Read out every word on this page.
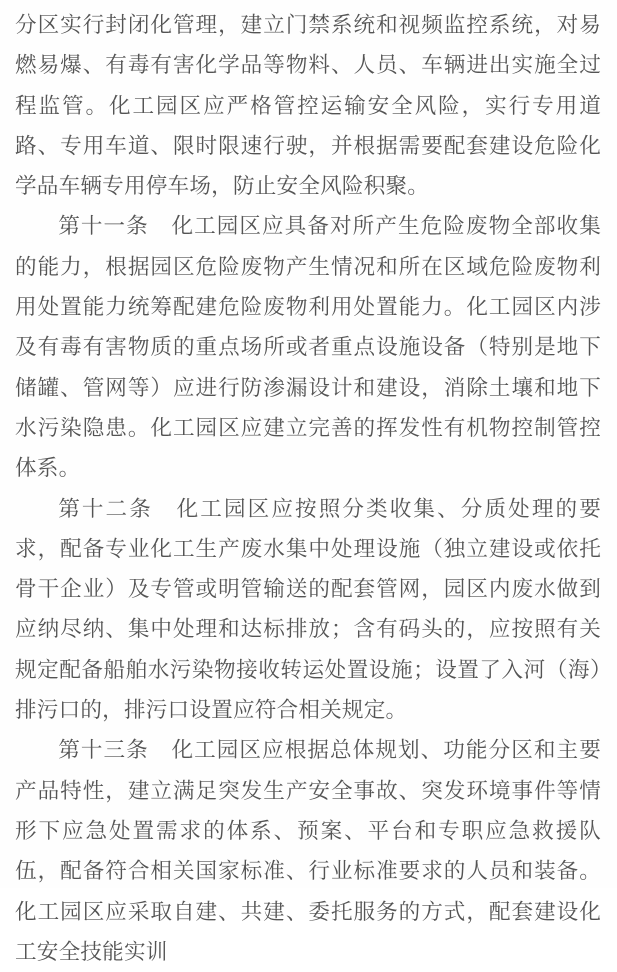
分区实行封闭化管理，建立门禁系统和视频监控系统，对易燃易爆、有毒有害化学品等物料、人员、车辆进出实施全过程监管。化工园区应严格管控运输安全风险，实行专用道路、专用车道、限时限速行驶，并根据需要配套建设危险化学品车辆专用停车场，防止安全风险积聚。

第十一条　化工园区应具备对所产生危险废物全部收集的能力，根据园区危险废物产生情况和所在区域危险废物利用处置能力统筹配建危险废物利用处置能力。化工园区内涉及有毒有害物质的重点场所或者重点设施设备（特别是地下储罐、管网等）应进行防渗漏设计和建设，消除土壤和地下水污染隐患。化工园区应建立完善的挥发性有机物控制管控体系。

第十二条　化工园区应按照分类收集、分质处理的要求，配备专业化工生产废水集中处理设施（独立建设或依托骨干企业）及专管或明管输送的配套管网，园区内废水做到应纳尽纳、集中处理和达标排放；含有码头的，应按照有关规定配备船舶水污染物接收转运处置设施；设置了入河（海）排污口的，排污口设置应符合相关规定。

第十三条　化工园区应根据总体规划、功能分区和主要产品特性，建立满足突发生产安全事故、突发环境事件等情形下应急处置需求的体系、预案、平台和专职应急救援队伍，配备符合相关国家标准、行业标准要求的人员和装备。化工园区应采取自建、共建、委托服务的方式，配套建设化工安全技能实训
